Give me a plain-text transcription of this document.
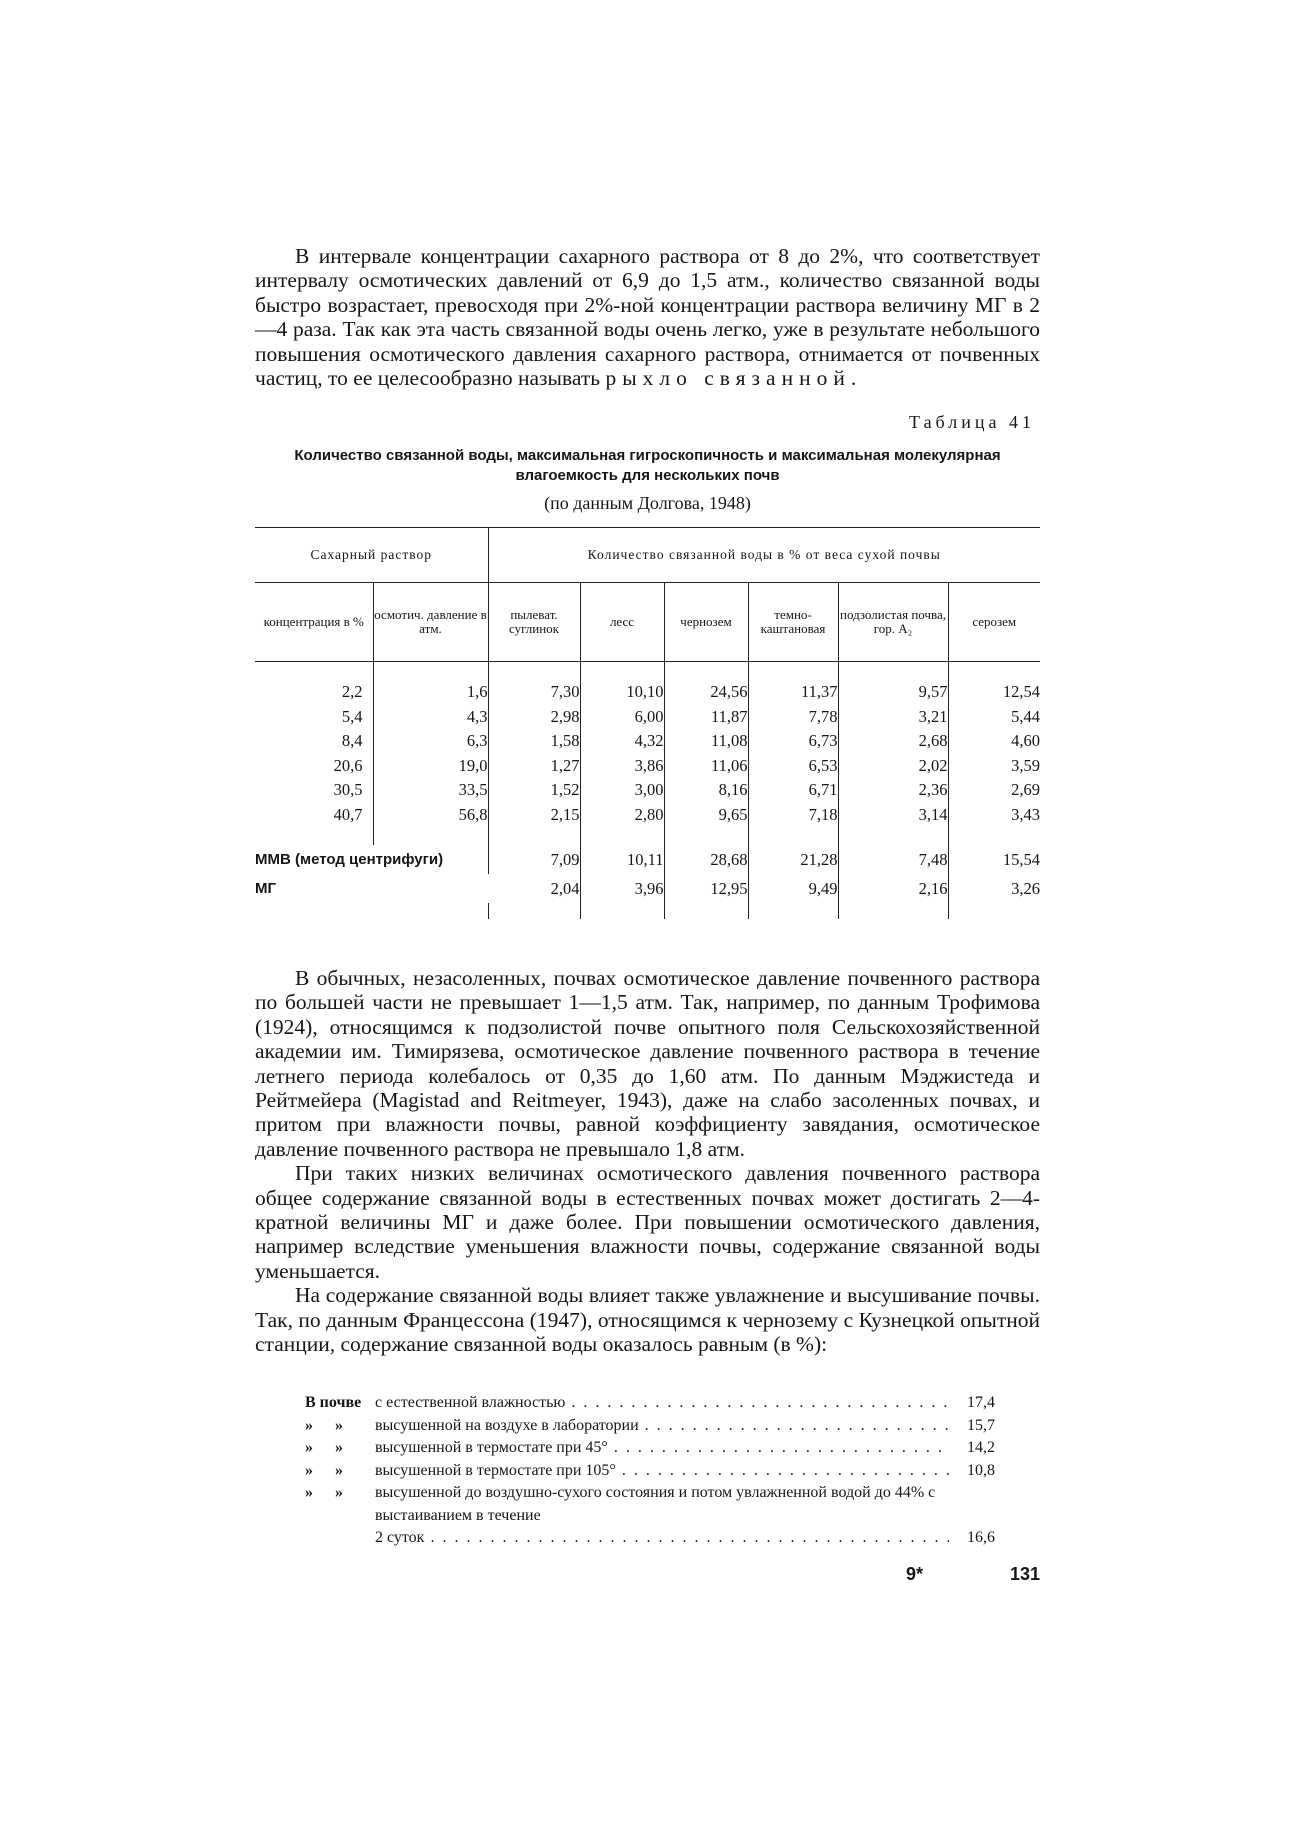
В интервале концентрации сахарного раствора от 8 до 2%, что соответствует интервалу осмотических давлений от 6,9 до 1,5 атм., количество связанной воды быстро возрастает, превосходя при 2%-ной концентрации раствора величину МГ в 2—4 раза. Так как эта часть связанной воды очень легко, уже в результате небольшого повышения осмотического давления сахарного раствора, отнимается от почвенных частиц, то ее целесообразно называть рыхло связанной.

Таблица 41
Количество связанной воды, максимальная гигроскопичность и максимальная молекулярная влагоемкость для нескольких почв
(по данным Долгова, 1948)
Сахарный раствор		Количество связанной воды в % от веса сухой почвы					
концентрация в %	осмотич. давление в атм.	пылеват. суглинок	лесс	чернозем	темно-каштановая	подзолистая почва, гор. A₂	серозем

2,2	1,6	7,30	10,10	24,56	11,37	9,57	12,54
5,4	4,3	2,98	6,00	11,87	7,78	3,21	5,44
8,4	6,3	1,58	4,32	11,08	6,73	2,68	4,60
20,6	19,0	1,27	3,86	11,06	6,53	2,02	3,59
30,5	33,5	1,52	3,00	8,16	6,71	2,36	2,69
40,7	56,8	2,15	2,80	9,65	7,18	3,14	3,43

ММВ (метод центрифуги)		7,09	10,11	28,68	21,28	7,48	15,54
МГ		2,04	3,96	12,95	9,49	2,16	3,26

В обычных, незасоленных, почвах осмотическое давление почвенного раствора по большей части не превышает 1—1,5 атм. Так, например, по данным Трофимова (1924), относящимся к подзолистой почве опытного поля Сельскохозяйственной академии им. Тимирязева, осмотическое давление почвенного раствора в течение летнего периода колебалось от 0,35 до 1,60 атм. По данным Мэджистеда и Рейтмейера (Magistad and Reitmeyer, 1943), даже на слабо засоленных почвах, и притом при влажности почвы, равной коэффициенту завядания, осмотическое давление почвенного раствора не превышало 1,8 атм.

При таких низких величинах осмотического давления почвенного раствора общее содержание связанной воды в естественных почвах может достигать 2—4-кратной величины МГ и даже более. При повышении осмотического давления, например вследствие уменьшения влажности почвы, содержание связанной воды уменьшается.

На содержание связанной воды влияет также увлажнение и высушивание почвы. Так, по данным Францессона (1947), относящимся к чернозему с Кузнецкой опытной станции, содержание связанной воды оказалось равным (в %):

В почве с естественной влажностью . . .	17,4
»	»	высушенной на воздухе в лаборатории . . .	15,7
»	»	высушенной в термостате при 45° . . .	14,2
»	»	высушенной в термостате при 105° . . .	10,8
»	»	высушенной до воздушно-сухого состояния и потом увлажненной водой до 44% с выстаиванием в течение
2 суток . . .	16,6
9*	131
